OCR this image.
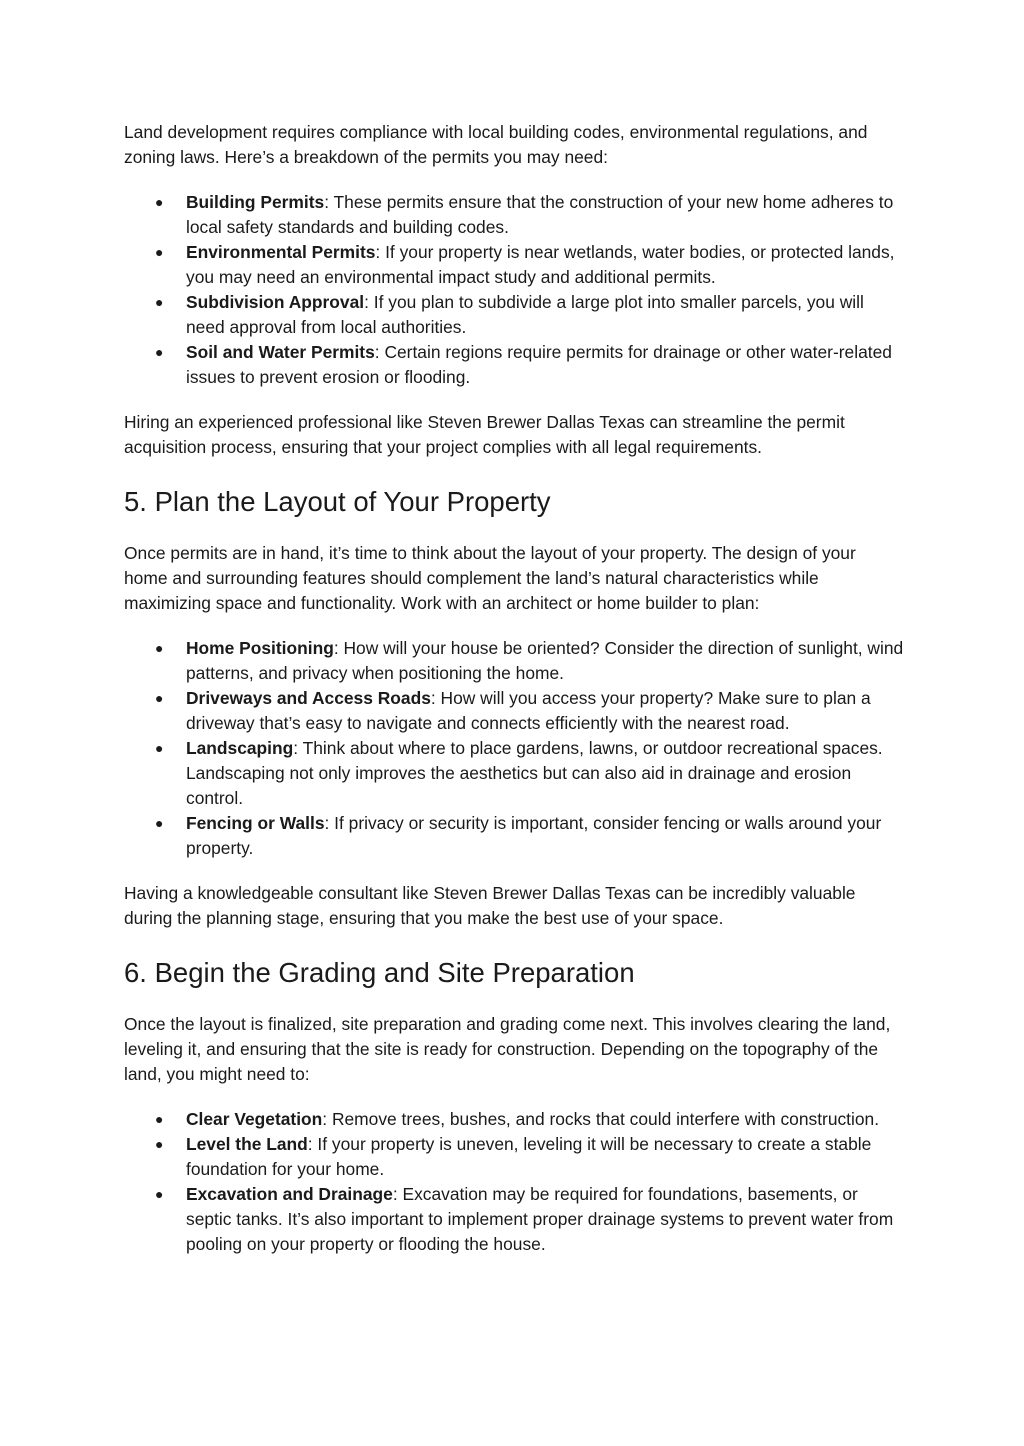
Land development requires compliance with local building codes, environmental regulations, and zoning laws. Here’s a breakdown of the permits you may need:

● Building Permits: These permits ensure that the construction of your new home adheres to local safety standards and building codes.
● Environmental Permits: If your property is near wetlands, water bodies, or protected lands, you may need an environmental impact study and additional permits.
● Subdivision Approval: If you plan to subdivide a large plot into smaller parcels, you will need approval from local authorities.
● Soil and Water Permits: Certain regions require permits for drainage or other water-related issues to prevent erosion or flooding.

Hiring an experienced professional like Steven Brewer Dallas Texas can streamline the permit acquisition process, ensuring that your project complies with all legal requirements.

5. Plan the Layout of Your Property

Once permits are in hand, it’s time to think about the layout of your property. The design of your home and surrounding features should complement the land’s natural characteristics while maximizing space and functionality. Work with an architect or home builder to plan:

● Home Positioning: How will your house be oriented? Consider the direction of sunlight, wind patterns, and privacy when positioning the home.
● Driveways and Access Roads: How will you access your property? Make sure to plan a driveway that’s easy to navigate and connects efficiently with the nearest road.
● Landscaping: Think about where to place gardens, lawns, or outdoor recreational spaces. Landscaping not only improves the aesthetics but can also aid in drainage and erosion control.
● Fencing or Walls: If privacy or security is important, consider fencing or walls around your property.

Having a knowledgeable consultant like Steven Brewer Dallas Texas can be incredibly valuable during the planning stage, ensuring that you make the best use of your space.

6. Begin the Grading and Site Preparation

Once the layout is finalized, site preparation and grading come next. This involves clearing the land, leveling it, and ensuring that the site is ready for construction. Depending on the topography of the land, you might need to:

● Clear Vegetation: Remove trees, bushes, and rocks that could interfere with construction.
● Level the Land: If your property is uneven, leveling it will be necessary to create a stable foundation for your home.
● Excavation and Drainage: Excavation may be required for foundations, basements, or septic tanks. It’s also important to implement proper drainage systems to prevent water from pooling on your property or flooding the house.
